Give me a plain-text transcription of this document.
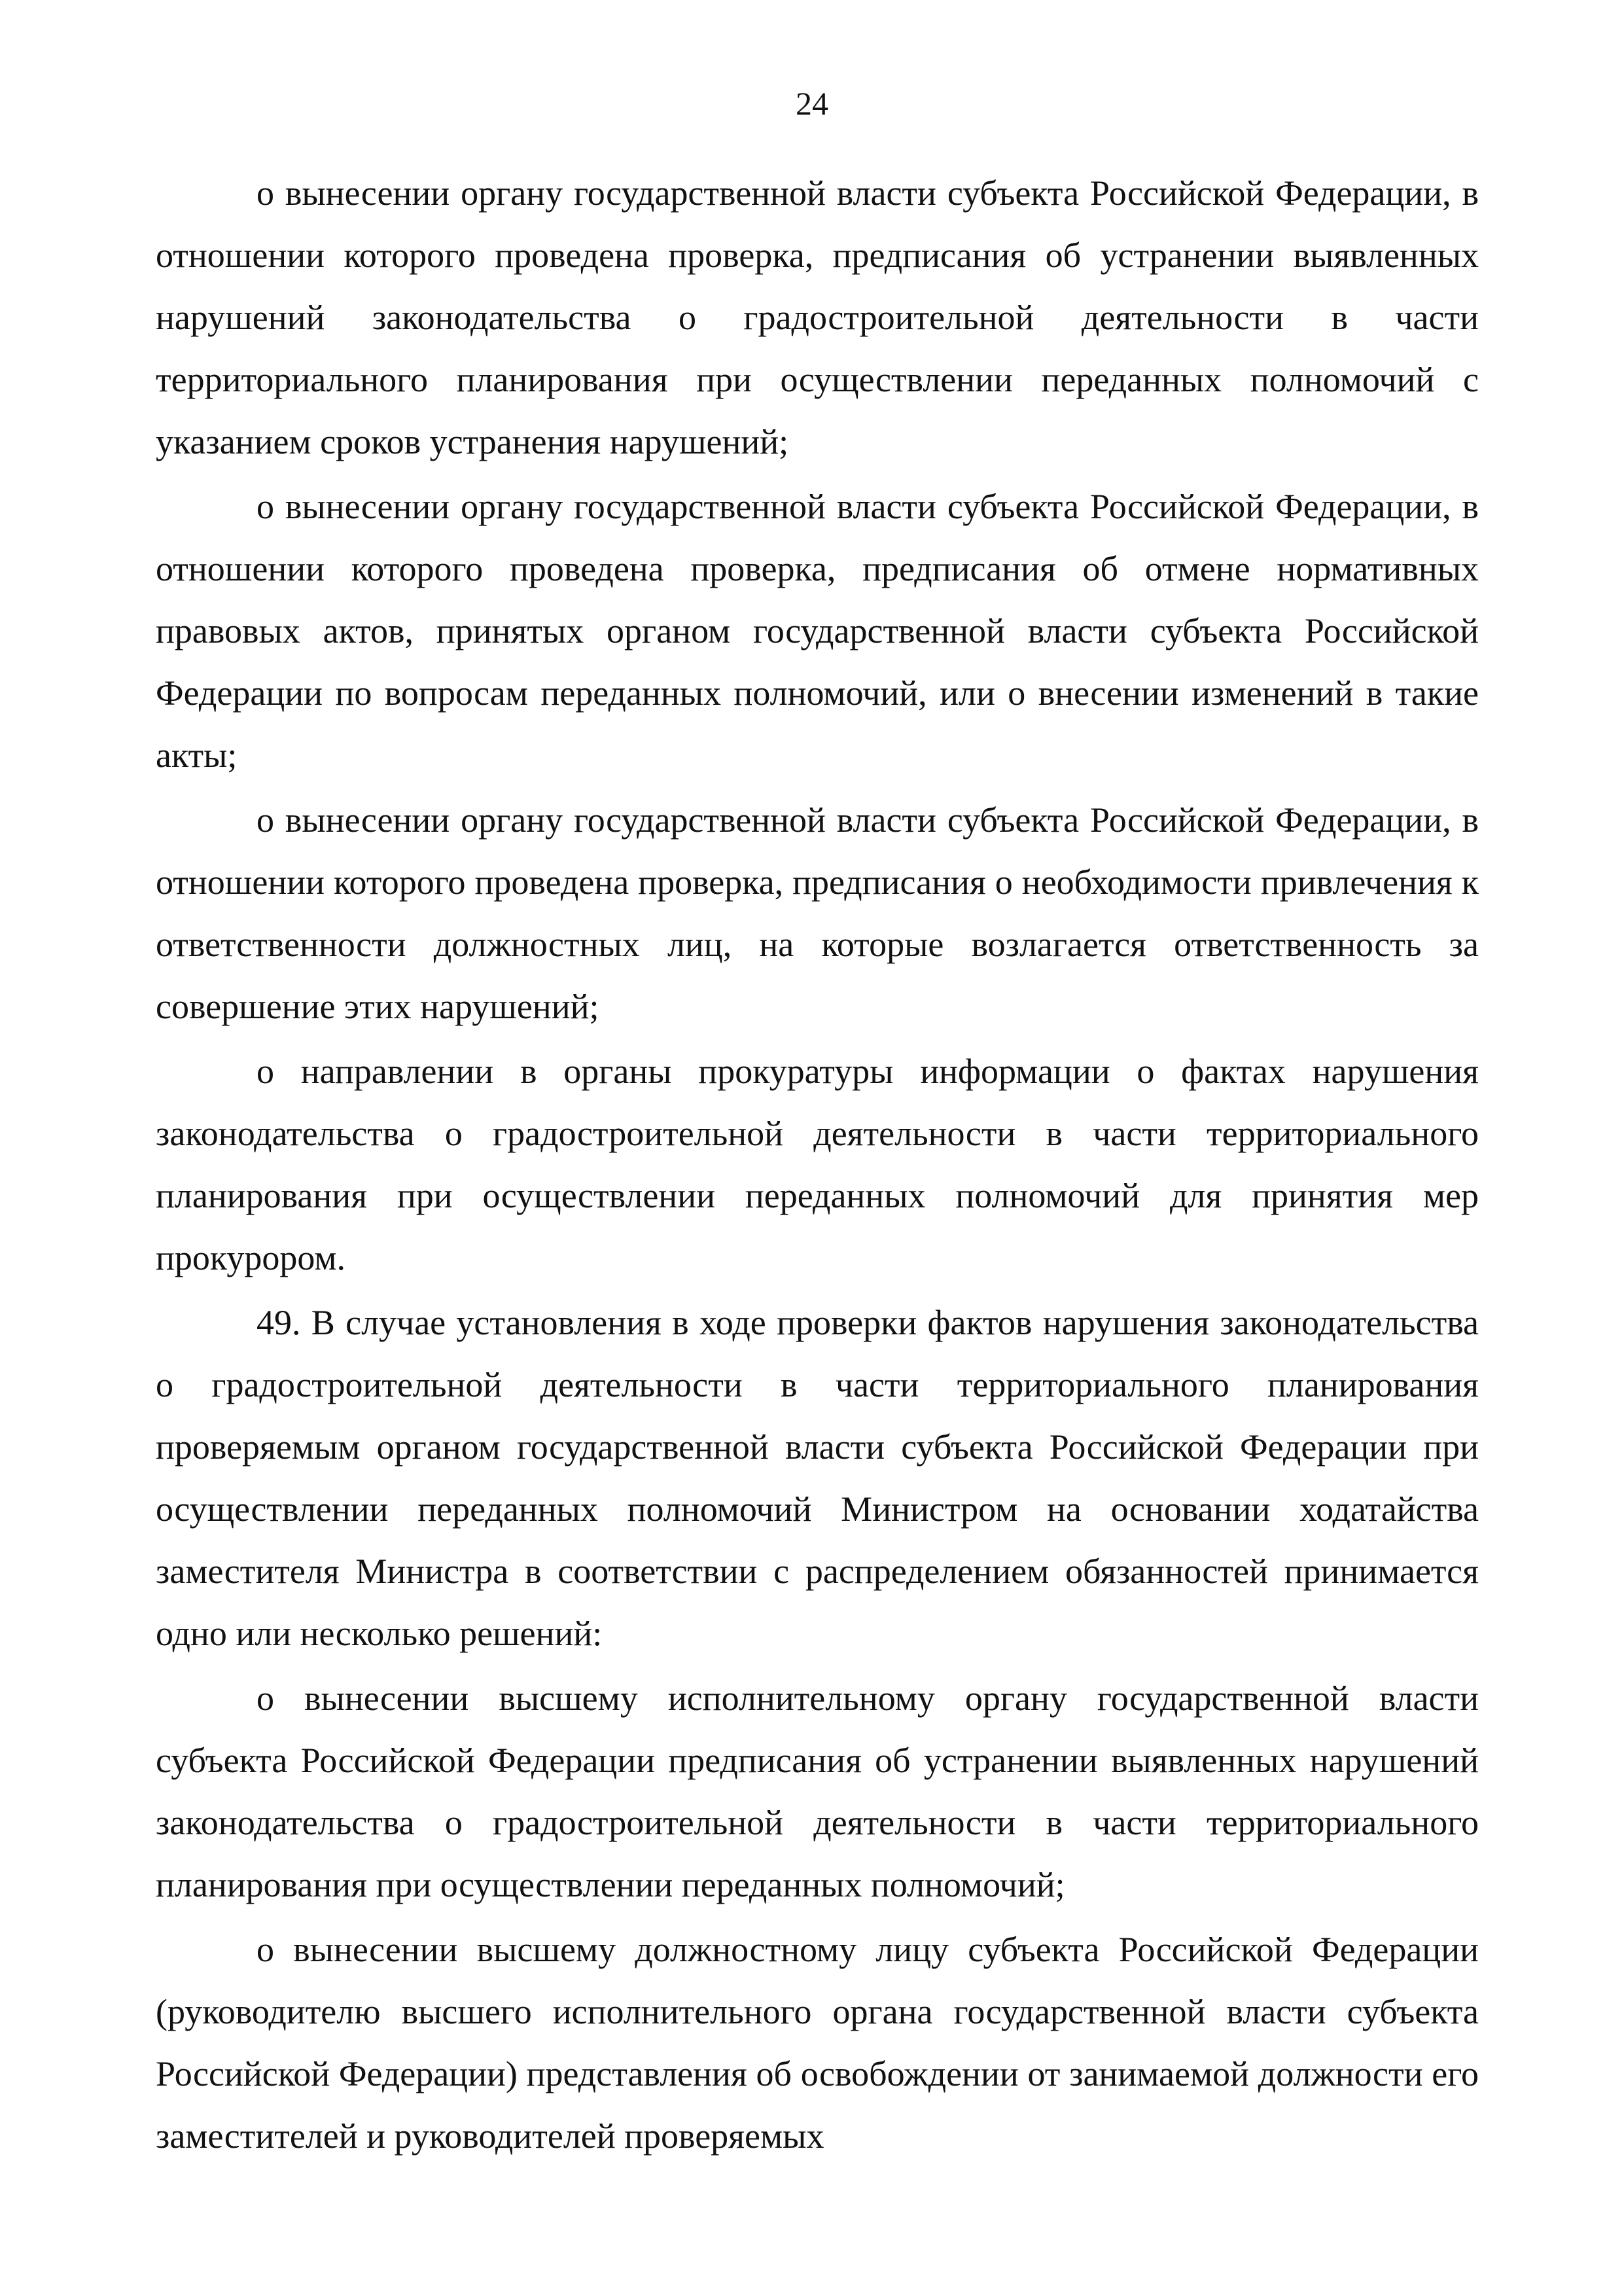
24

о вынесении органу государственной власти субъекта Российской Федерации, в отношении которого проведена проверка, предписания об устранении выявленных нарушений законодательства о градостроительной деятельности в части территориального планирования при осуществлении переданных полномочий с указанием сроков устранения нарушений;

о вынесении органу государственной власти субъекта Российской Федерации, в отношении которого проведена проверка, предписания об отмене нормативных правовых актов, принятых органом государственной власти субъекта Российской Федерации по вопросам переданных полномочий, или о внесении изменений в такие акты;

о вынесении органу государственной власти субъекта Российской Федерации, в отношении которого проведена проверка, предписания о необходимости привлечения к ответственности должностных лиц, на которые возлагается ответственность за совершение этих нарушений;

о направлении в органы прокуратуры информации о фактах нарушения законодательства о градостроительной деятельности в части территориального планирования при осуществлении переданных полномочий для принятия мер прокурором.

49. В случае установления в ходе проверки фактов нарушения законодательства о градостроительной деятельности в части территориального планирования проверяемым органом государственной власти субъекта Российской Федерации при осуществлении переданных полномочий Министром на основании ходатайства заместителя Министра в соответствии с распределением обязанностей принимается одно или несколько решений:

о вынесении высшему исполнительному органу государственной власти субъекта Российской Федерации предписания об устранении выявленных нарушений законодательства о градостроительной деятельности в части территориального планирования при осуществлении переданных полномочий;

о вынесении высшему должностному лицу субъекта Российской Федерации (руководителю высшего исполнительного органа государственной власти субъекта Российской Федерации) представления об освобождении от занимаемой должности его заместителей и руководителей проверяемых
